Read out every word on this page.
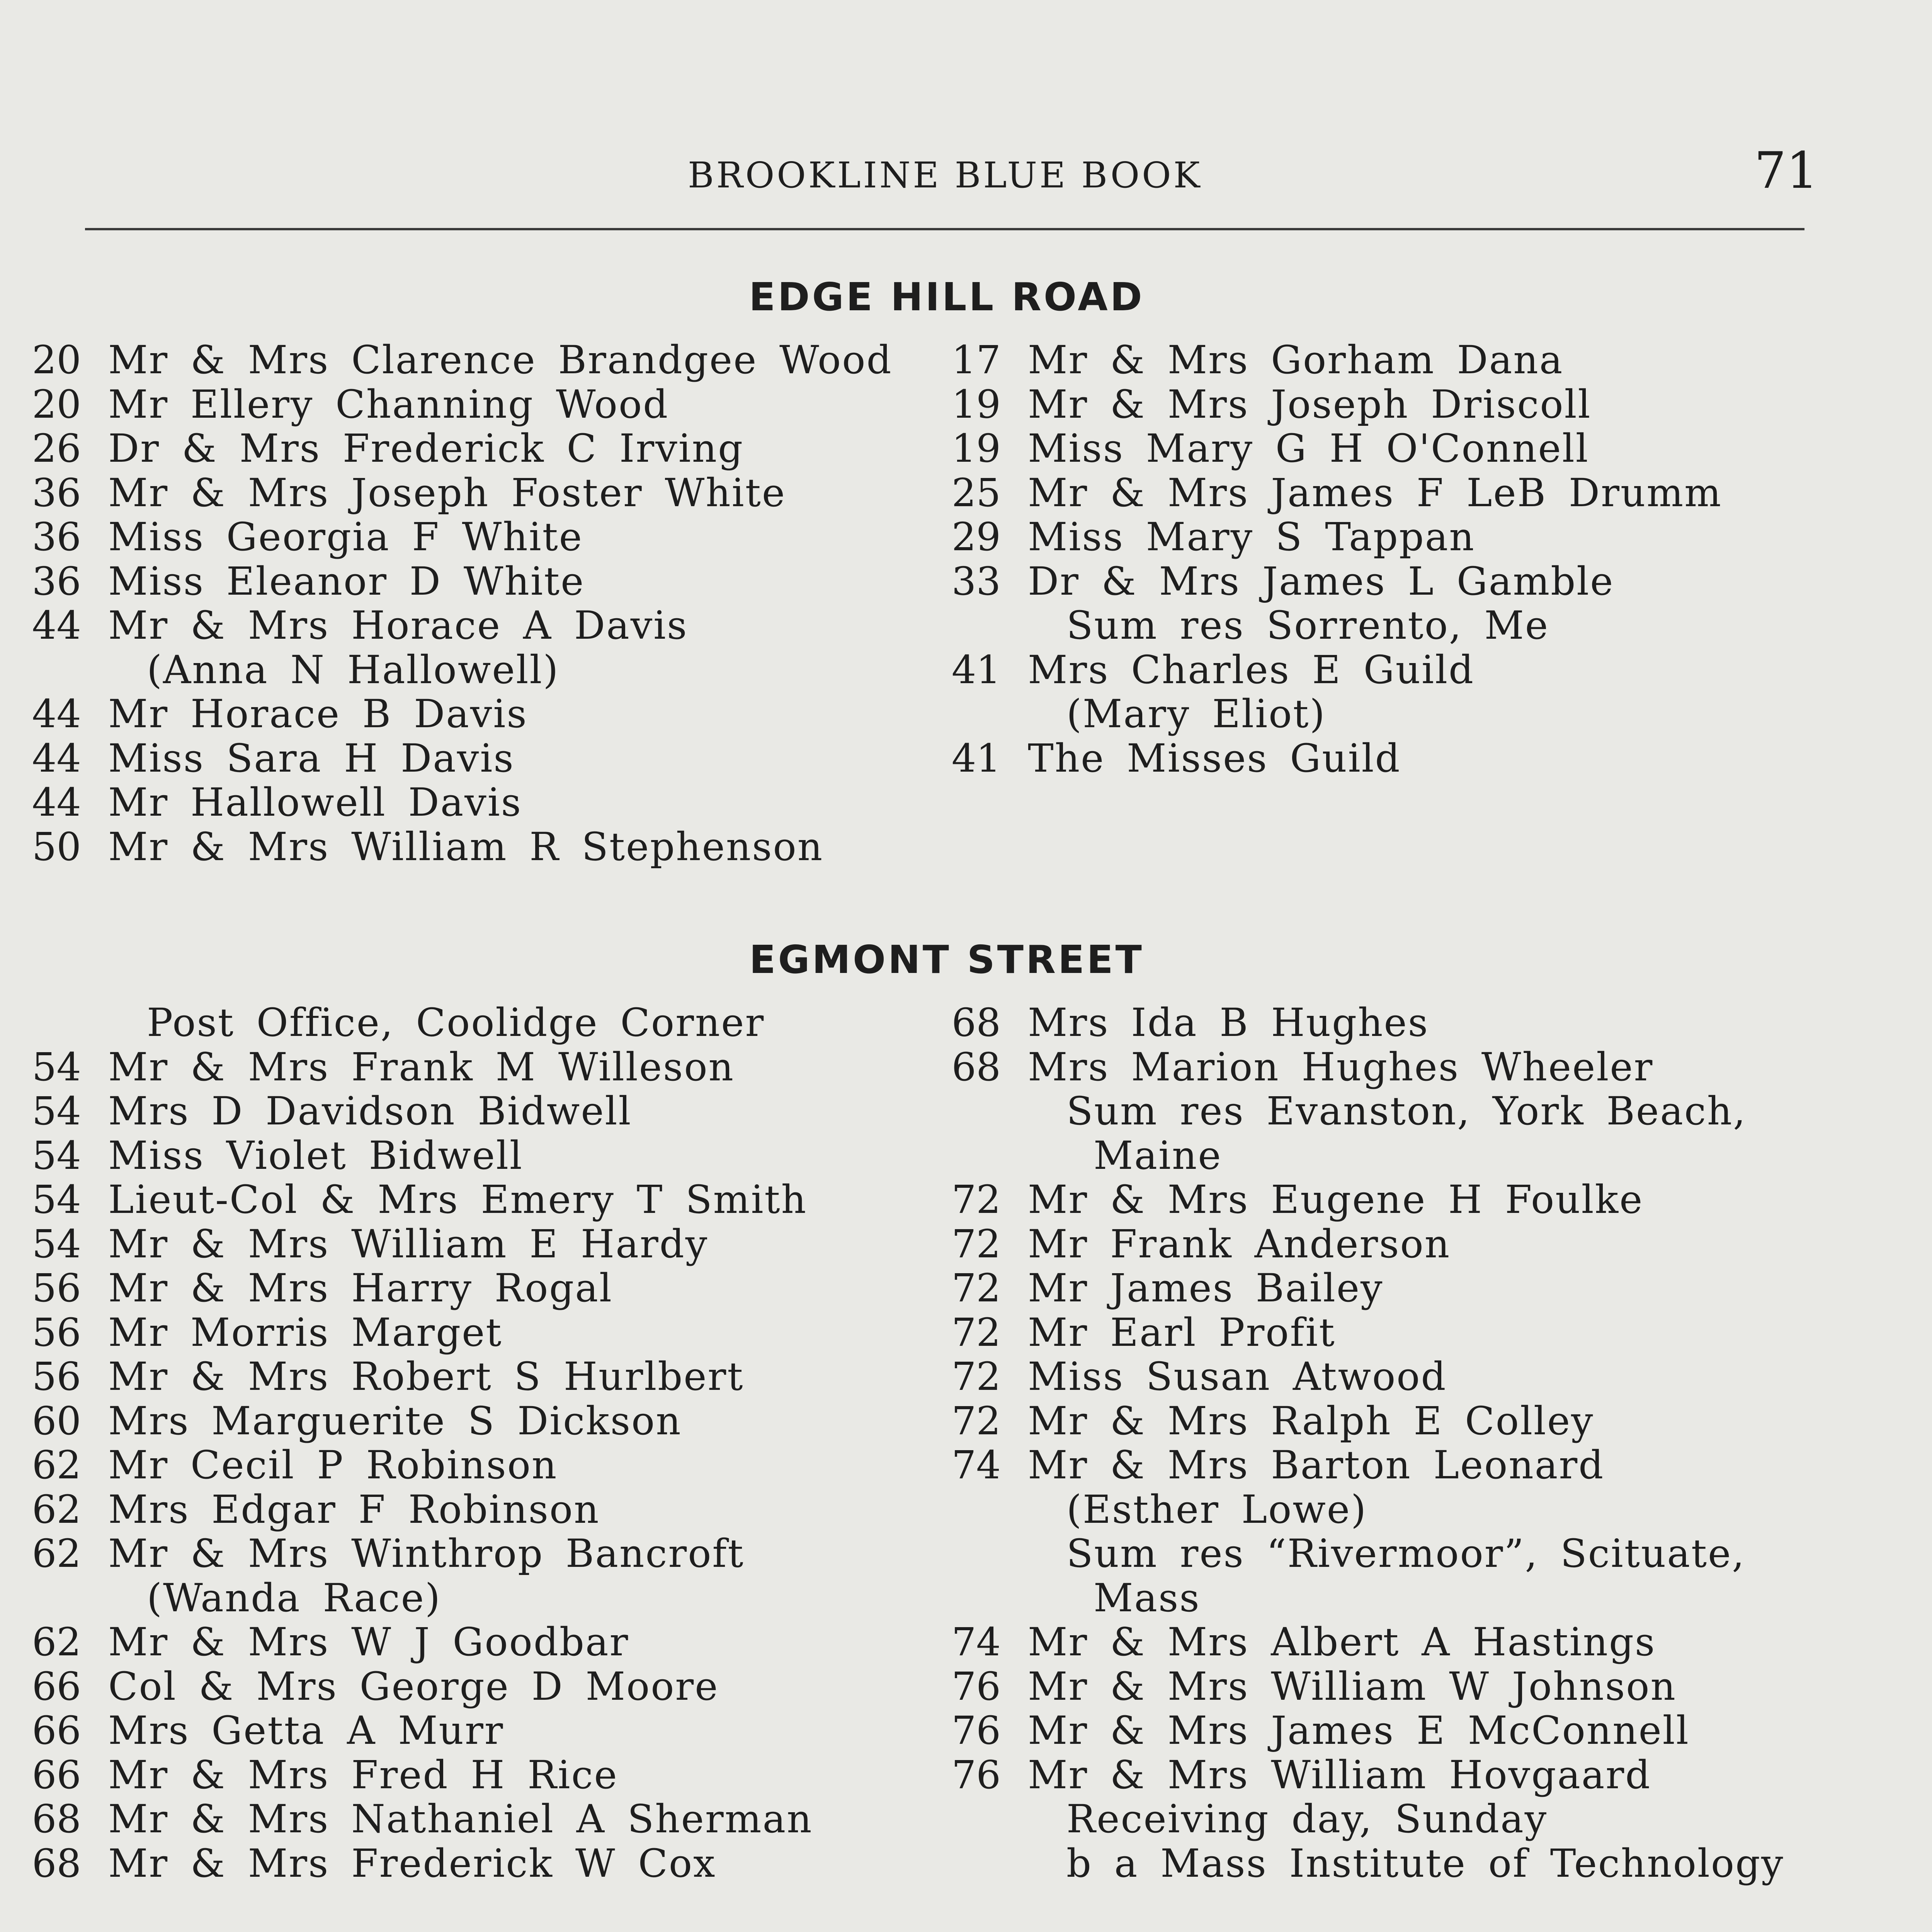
BROOKLINE BLUE BOOK	71
EDGE HILL ROAD
20 Mr & Mrs Clarence Brandgee Wood
20 Mr Ellery Channing Wood
26 Dr & Mrs Frederick C Irving
36 Mr & Mrs Joseph Foster White
36 Miss Georgia F White
36 Miss Eleanor D White
44 Mr & Mrs Horace A Davis
(Anna N Hallowell)
44 Mr Horace B Davis
44 Miss Sara H Davis
44 Mr Hallowell Davis
50 Mr & Mrs William R Stephenson
17 Mr & Mrs Gorham Dana
19 Mr & Mrs Joseph Driscoll
19 Miss Mary G H O'Connell
25 Mr & Mrs James F LeB Drumm
29 Miss Mary S Tappan
33 Dr & Mrs James L Gamble
Sum res Sorrento, Me
41 Mrs Charles E Guild
(Mary Eliot)
41 The Misses Guild
EGMONT STREET
Post Office, Coolidge Corner
54 Mr & Mrs Frank M Willeson
54 Mrs D Davidson Bidwell
54 Miss Violet Bidwell
54 Lieut-Col & Mrs Emery T Smith
54 Mr & Mrs William E Hardy
56 Mr & Mrs Harry Rogal
56 Mr Morris Marget
56 Mr & Mrs Robert S Hurlbert
60 Mrs Marguerite S Dickson
62 Mr Cecil P Robinson
62 Mrs Edgar F Robinson
62 Mr & Mrs Winthrop Bancroft
(Wanda Race)
62 Mr & Mrs W J Goodbar
66 Col & Mrs George D Moore
66 Mrs Getta A Murr
66 Mr & Mrs Fred H Rice
68 Mr & Mrs Nathaniel A Sherman
68 Mr & Mrs Frederick W Cox
68 Mrs Ida B Hughes
68 Mrs Marion Hughes Wheeler
Sum res Evanston, York Beach,
Maine
72 Mr & Mrs Eugene H Foulke
72 Mr Frank Anderson
72 Mr James Bailey
72 Mr Earl Profit
72 Miss Susan Atwood
72 Mr & Mrs Ralph E Colley
74 Mr & Mrs Barton Leonard
(Esther Lowe)
Sum res “Rivermoor”, Scituate,
Mass
74 Mr & Mrs Albert A Hastings
76 Mr & Mrs William W Johnson
76 Mr & Mrs James E McConnell
76 Mr & Mrs William Hovgaard
Receiving day, Sunday
b a Mass Institute of Technology
